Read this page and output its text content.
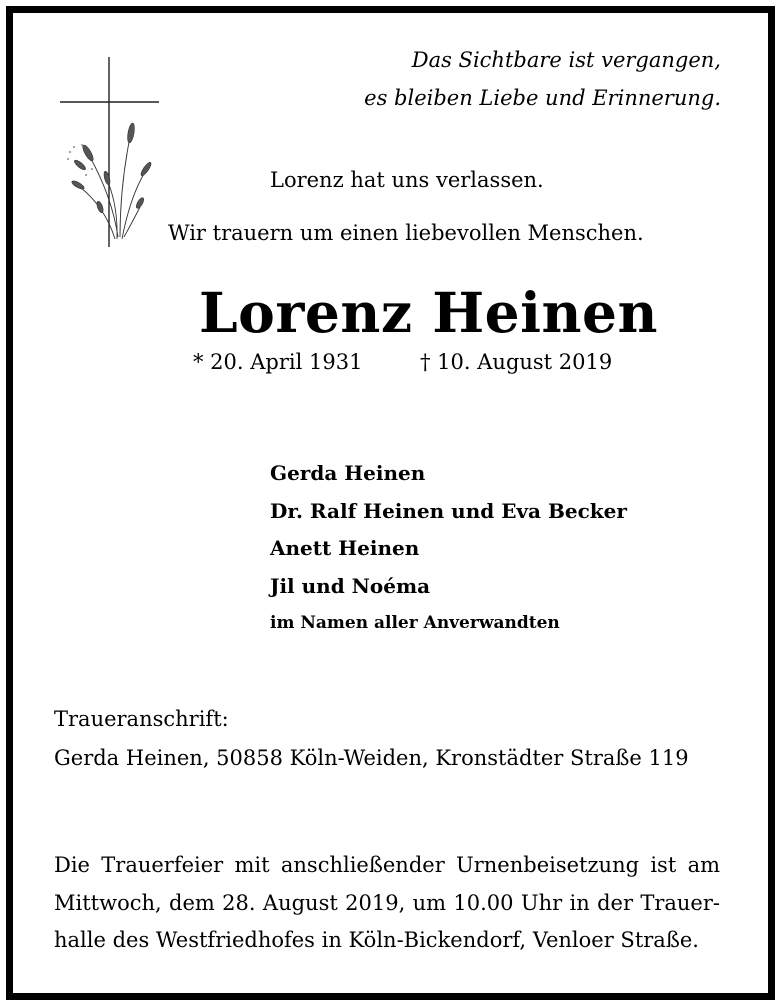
Das Sichtbare ist vergangen,
es bleiben Liebe und Erinnerung.
Lorenz hat uns verlassen.
Wir trauern um einen liebevollen Menschen.
Lorenz Heinen
* 20. April 1931	† 10. August 2019
Gerda Heinen
Dr. Ralf Heinen und Eva Becker
Anett Heinen
Jil und Noéma
im Namen aller Anverwandten
Traueranschrift:
Gerda Heinen, 50858 Köln-Weiden, Kronstädter Straße 119
Die Trauerfeier mit anschließender Urnenbeisetzung ist am
Mittwoch, dem 28. August 2019, um 10.00 Uhr in der Trauer-
halle des Westfriedhofes in Köln-Bickendorf, Venloer Straße.
